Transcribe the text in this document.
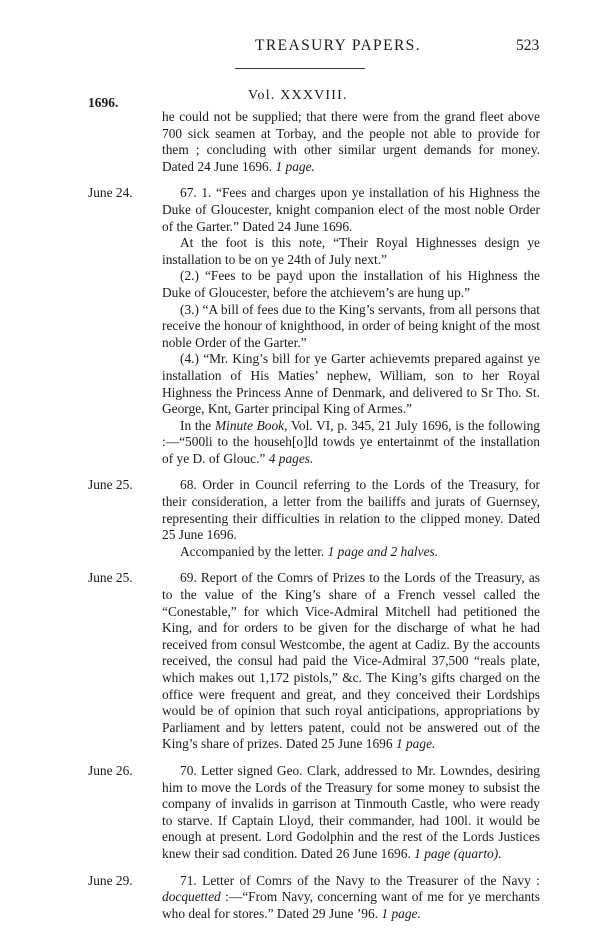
TREASURY PAPERS.	523
Vol. XXXVIII.
1696.

he could not be supplied; that there were from the grand fleet above 700 sick seamen at Torbay, and the people not able to provide for them ; concluding with other similar urgent demands for money. Dated 24 June 1696. 1 page.

June 24.	67. 1. “Fees and charges upon ye installation of his Highness the Duke of Gloucester, knight companion elect of the most noble Order of the Garter.” Dated 24 June 1696.

At the foot is this note, “Their Royal Highnesses design ye installation to be on ye 24th of July next.”

(2.) “Fees to be payd upon the installation of his Highness the Duke of Gloucester, before the atchievem’s are hung up.”

(3.) “A bill of fees due to the King’s servants, from all persons that receive the honour of knighthood, in order of being knight of the most noble Order of the Garter.”

(4.) “Mr. King’s bill for ye Garter achievemts prepared against ye installation of His Maties’ nephew, William, son to her Royal Highness the Princess Anne of Denmark, and delivered to Sr Tho. St. George, Knt, Garter principal King of Armes.”

In the Minute Book, Vol. VI, p. 345, 21 July 1696, is the following :—“500li to the househ[o]ld towds ye entertainmt of the installation of ye D. of Glouc.” 4 pages.

June 25.	68. Order in Council referring to the Lords of the Treasury, for their consideration, a letter from the bailiffs and jurats of Guernsey, representing their difficulties in relation to the clipped money. Dated 25 June 1696.

Accompanied by the letter. 1 page and 2 halves.

June 25.	69. Report of the Comrs of Prizes to the Lords of the Treasury, as to the value of the King’s share of a French vessel called the “Conestable,” for which Vice-Admiral Mitchell had petitioned the King, and for orders to be given for the discharge of what he had received from consul Westcombe, the agent at Cadiz. By the accounts received, the consul had paid the Vice-Admiral 37,500 “reals plate, which makes out 1,172 pistols,” &c. The King’s gifts charged on the office were frequent and great, and they conceived their Lordships would be of opinion that such royal anticipations, appropriations by Parliament and by letters patent, could not be answered out of the King’s share of prizes. Dated 25 June 1696 1 page.

June 26.	70. Letter signed Geo. Clark, addressed to Mr. Lowndes, desiring him to move the Lords of the Treasury for some money to subsist the company of invalids in garrison at Tinmouth Castle, who were ready to starve. If Captain Lloyd, their commander, had 100l. it would be enough at present. Lord Godolphin and the rest of the Lords Justices knew their sad condition. Dated 26 June 1696. 1 page (quarto).

June 29.	71. Letter of Comrs of the Navy to the Treasurer of the Navy : docquetted :—“From Navy, concerning want of me for ye merchants who deal for stores.” Dated 29 June ’96. 1 page.
